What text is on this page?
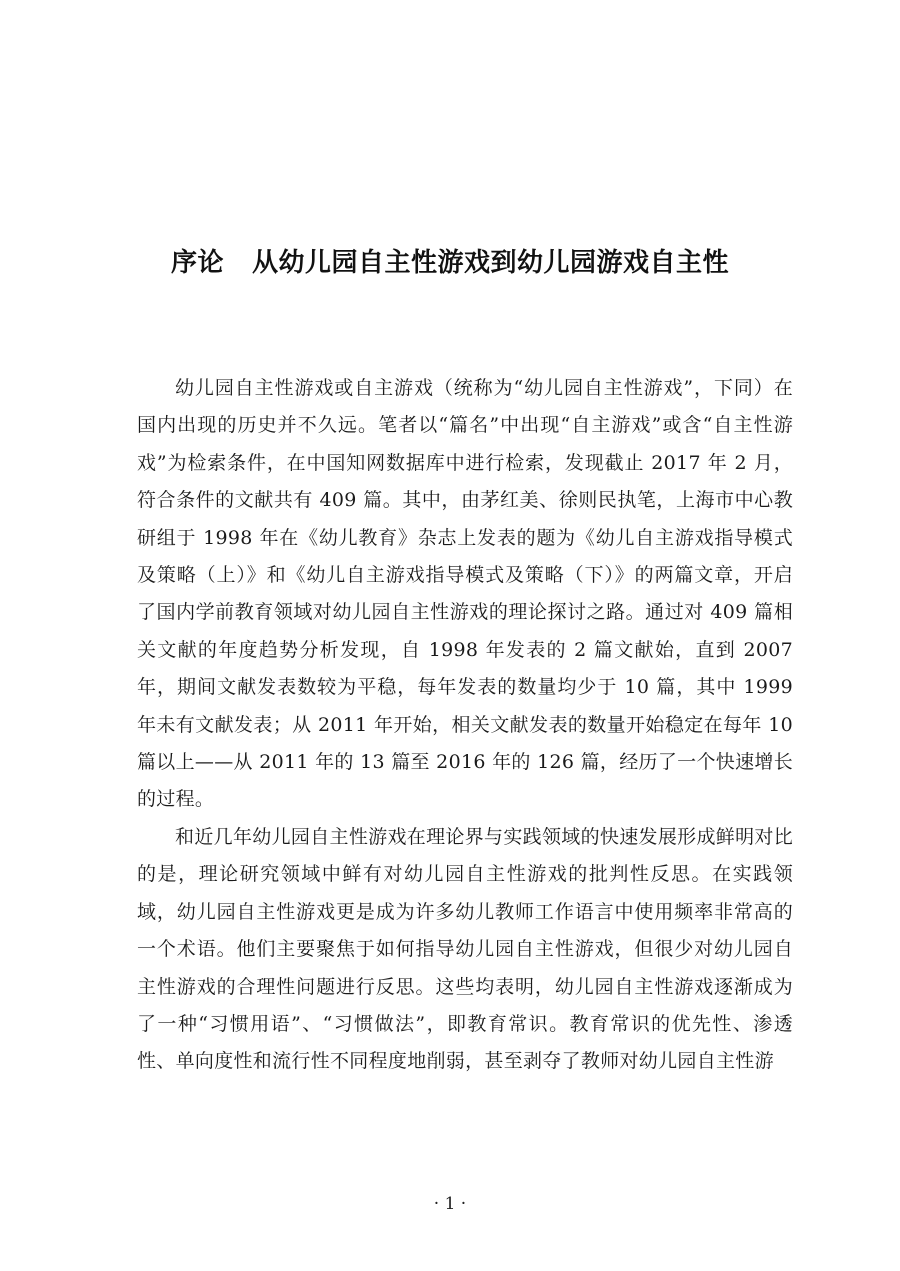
序论 从幼儿园自主性游戏到幼儿园游戏自主性

幼儿园自主性游戏或自主游戏（统称为“幼儿园自主性游戏”，下同）在国内出现的历史并不久远。笔者以“篇名”中出现“自主游戏”或含“自主性游戏”为检索条件，在中国知网数据库中进行检索，发现截止 2017 年 2 月，符合条件的文献共有 409 篇。其中，由茅红美、徐则民执笔，上海市中心教研组于 1998 年在《幼儿教育》杂志上发表的题为《幼儿自主游戏指导模式及策略（上）》和《幼儿自主游戏指导模式及策略（下）》的两篇文章，开启了国内学前教育领域对幼儿园自主性游戏的理论探讨之路。通过对 409 篇相关文献的年度趋势分析发现，自 1998 年发表的 2 篇文献始，直到 2007 年，期间文献发表数较为平稳，每年发表的数量均少于 10 篇，其中 1999 年未有文献发表；从 2011 年开始，相关文献发表的数量开始稳定在每年 10 篇以上——从 2011 年的 13 篇至 2016 年的 126 篇，经历了一个快速增长的过程。

和近几年幼儿园自主性游戏在理论界与实践领域的快速发展形成鲜明对比的是，理论研究领域中鲜有对幼儿园自主性游戏的批判性反思。在实践领域，幼儿园自主性游戏更是成为许多幼儿教师工作语言中使用频率非常高的一个术语。他们主要聚焦于如何指导幼儿园自主性游戏，但很少对幼儿园自主性游戏的合理性问题进行反思。这些均表明，幼儿园自主性游戏逐渐成为了一种“习惯用语”、“习惯做法”，即教育常识。教育常识的优先性、渗透性、单向度性和流行性不同程度地削弱，甚至剥夺了教师对幼儿园自主性游

· 1 ·
